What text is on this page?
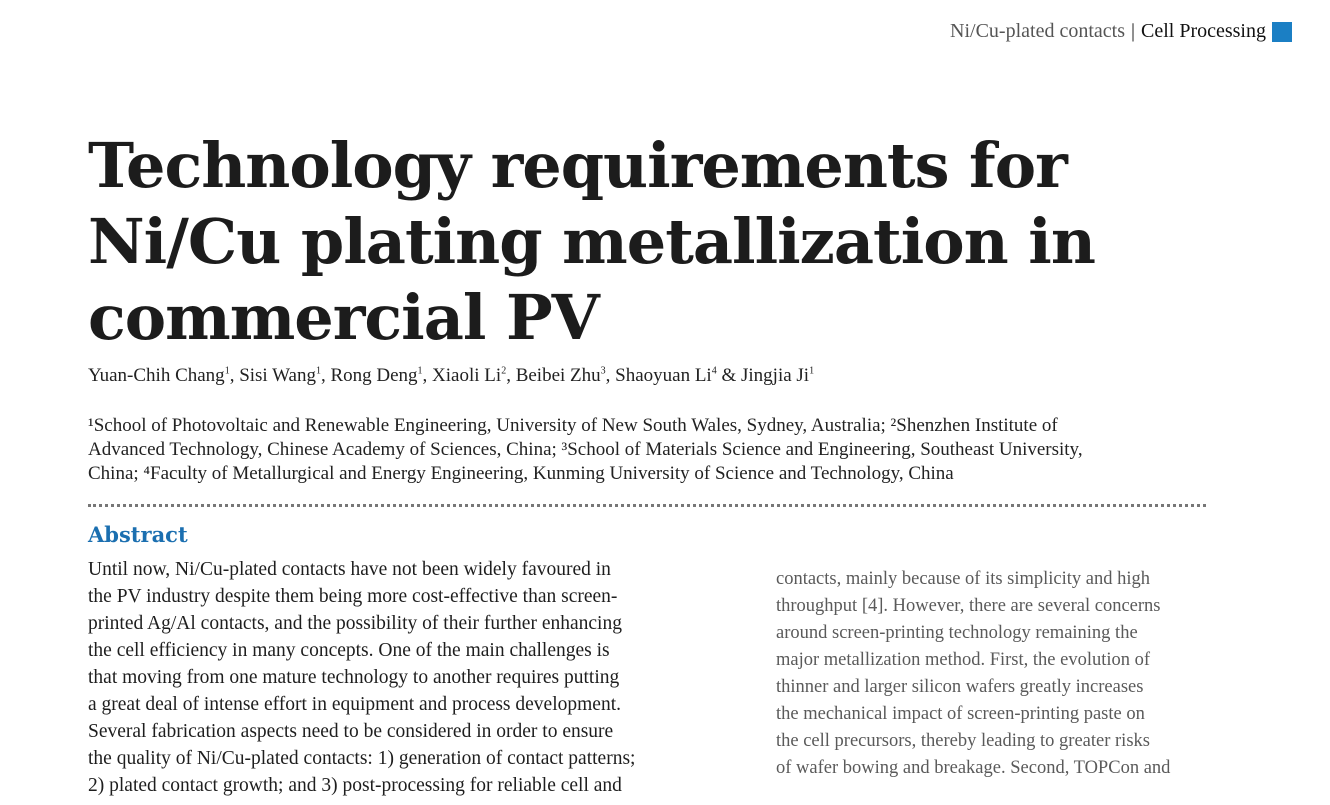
Ni/Cu-plated contacts | Cell Processing
Technology requirements for
Ni/Cu plating metallization in
commercial PV
Yuan-Chih Chang$^1$, Sisi Wang$^1$, Rong Deng$^1$, Xiaoli Li$^2$, Beibei Zhu$^3$, Shaoyuan Li$^4$ & Jingjia Ji$^1$
¹School of Photovoltaic and Renewable Engineering, University of New South Wales, Sydney, Australia; ²Shenzhen Institute of
Advanced Technology, Chinese Academy of Sciences, China; ³School of Materials Science and Engineering, Southeast University,
China; ⁴Faculty of Metallurgical and Energy Engineering, Kunming University of Science and Technology, China
Abstract
Until now, Ni/Cu-plated contacts have not been widely favoured in
the PV industry despite them being more cost-effective than screen-
printed Ag/Al contacts, and the possibility of their further enhancing
the cell efficiency in many concepts. One of the main challenges is
that moving from one mature technology to another requires putting
a great deal of intense effort in equipment and process development.
Several fabrication aspects need to be considered in order to ensure
the quality of Ni/Cu-plated contacts: 1) generation of contact patterns;
2) plated contact growth; and 3) post-processing for reliable cell and
contacts, mainly because of its simplicity and high
throughput [4]. However, there are several concerns
around screen-printing technology remaining the
major metallization method. First, the evolution of
thinner and larger silicon wafers greatly increases
the mechanical impact of screen-printing paste on
the cell precursors, thereby leading to greater risks
of wafer bowing and breakage. Second, TOPCon and
